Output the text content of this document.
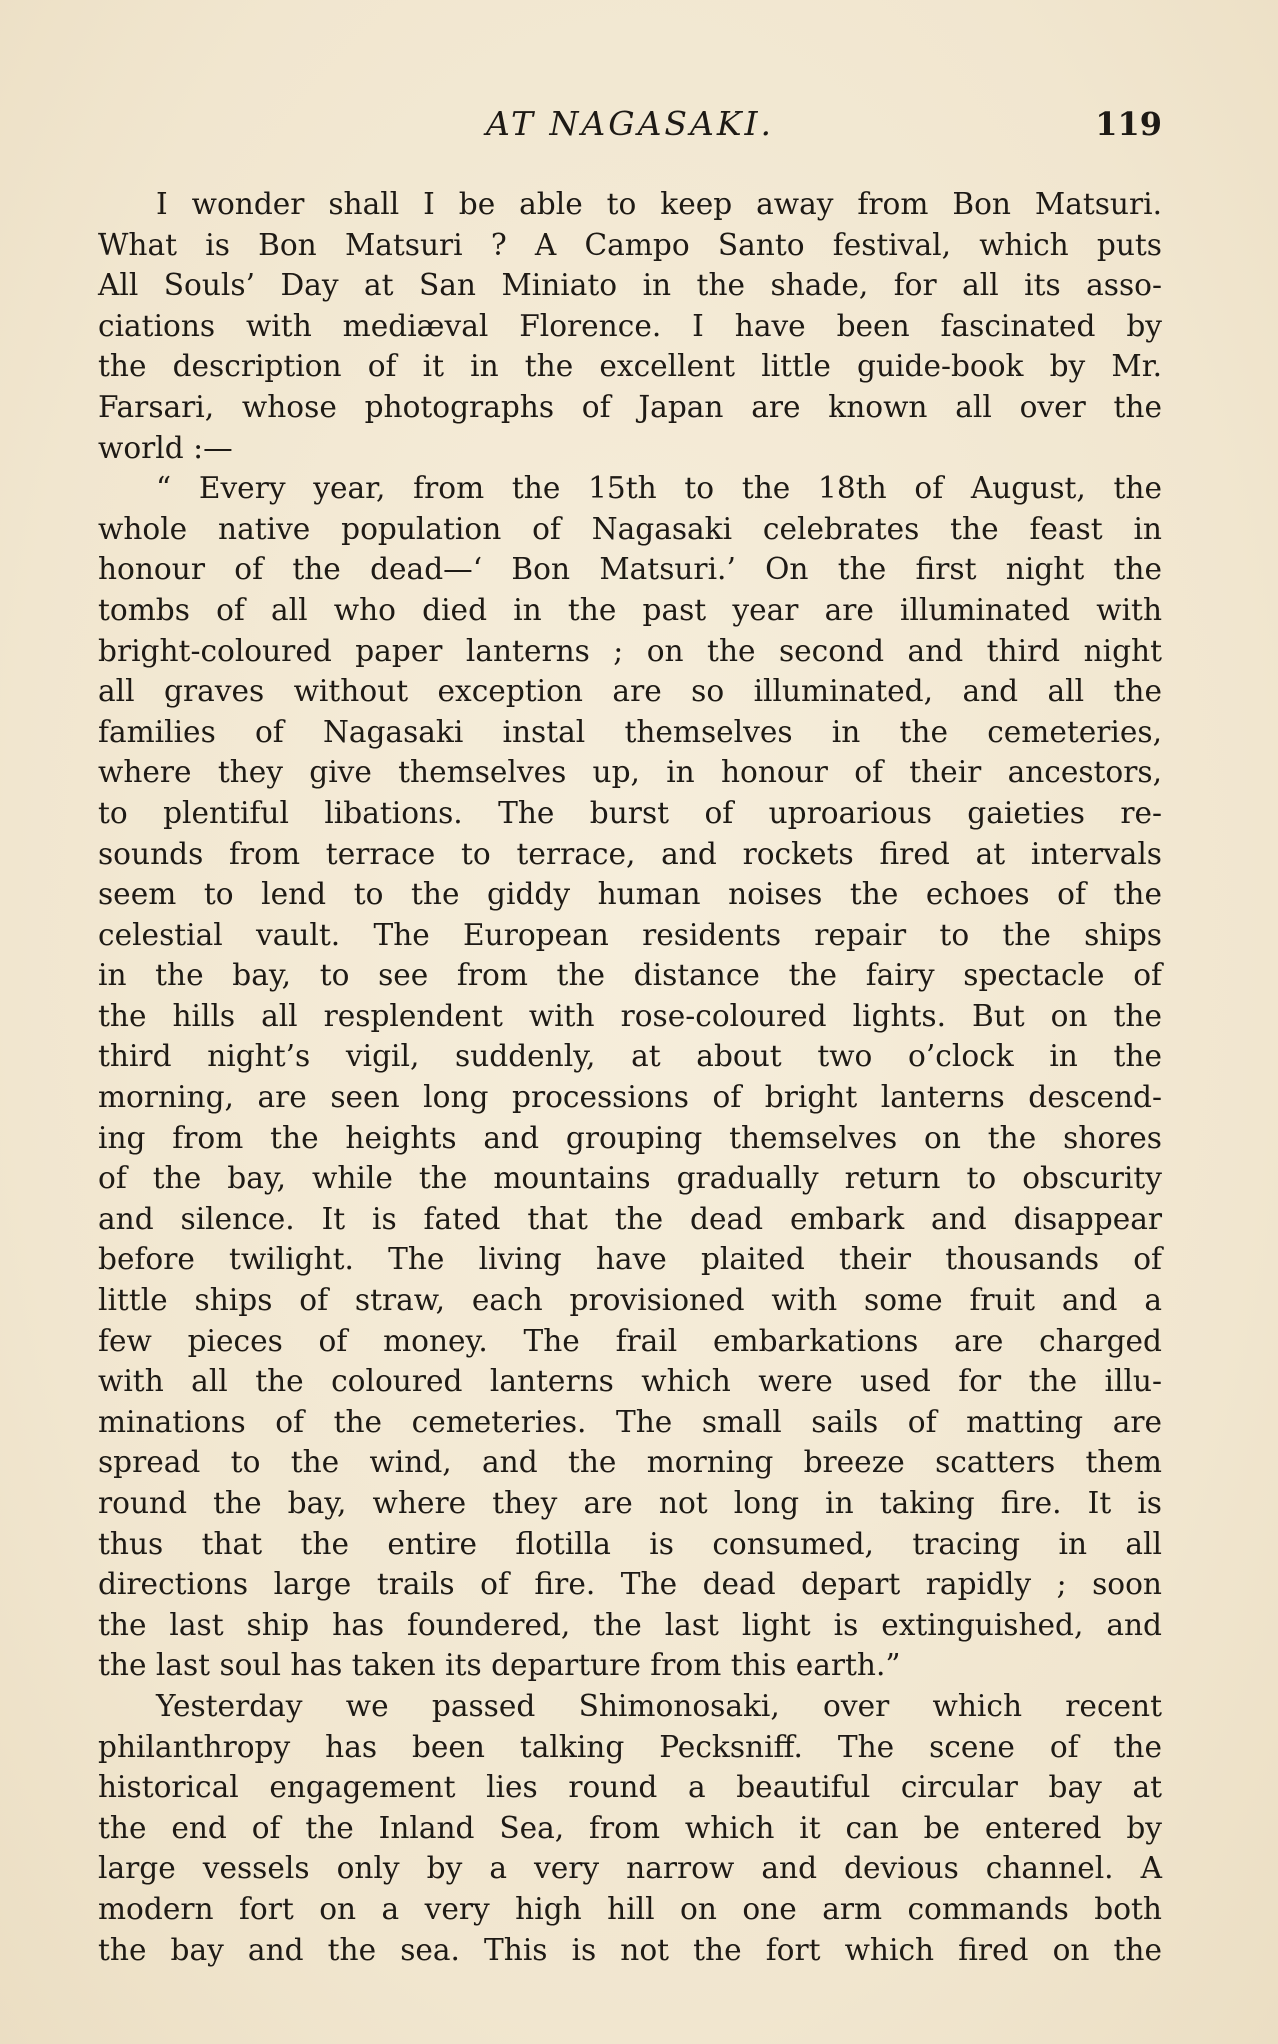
AT NAGASAKI.	119
I wonder shall I be able to keep away from Bon Matsuri.
What is Bon Matsuri ? A Campo Santo festival, which puts
All Souls’ Day at San Miniato in the shade, for all its asso-
ciations with mediæval Florence. I have been fascinated by
the description of it in the excellent little guide-book by Mr.
Farsari, whose photographs of Japan are known all over the
world :—
“ Every year, from the 15th to the 18th of August, the
whole native population of Nagasaki celebrates the feast in
honour of the dead—‘ Bon Matsuri.’ On the first night the
tombs of all who died in the past year are illuminated with
bright-coloured paper lanterns ; on the second and third night
all graves without exception are so illuminated, and all the
families of Nagasaki instal themselves in the cemeteries,
where they give themselves up, in honour of their ancestors,
to plentiful libations. The burst of uproarious gaieties re-
sounds from terrace to terrace, and rockets fired at intervals
seem to lend to the giddy human noises the echoes of the
celestial vault. The European residents repair to the ships
in the bay, to see from the distance the fairy spectacle of
the hills all resplendent with rose-coloured lights. But on the
third night’s vigil, suddenly, at about two o’clock in the
morning, are seen long processions of bright lanterns descend-
ing from the heights and grouping themselves on the shores
of the bay, while the mountains gradually return to obscurity
and silence. It is fated that the dead embark and disappear
before twilight. The living have plaited their thousands of
little ships of straw, each provisioned with some fruit and a
few pieces of money. The frail embarkations are charged
with all the coloured lanterns which were used for the illu-
minations of the cemeteries. The small sails of matting are
spread to the wind, and the morning breeze scatters them
round the bay, where they are not long in taking fire. It is
thus that the entire flotilla is consumed, tracing in all
directions large trails of fire. The dead depart rapidly ; soon
the last ship has foundered, the last light is extinguished, and
the last soul has taken its departure from this earth.”
Yesterday we passed Shimonosaki, over which recent
philanthropy has been talking Pecksniff. The scene of the
historical engagement lies round a beautiful circular bay at
the end of the Inland Sea, from which it can be entered by
large vessels only by a very narrow and devious channel. A
modern fort on a very high hill on one arm commands both
the bay and the sea. This is not the fort which fired on the
